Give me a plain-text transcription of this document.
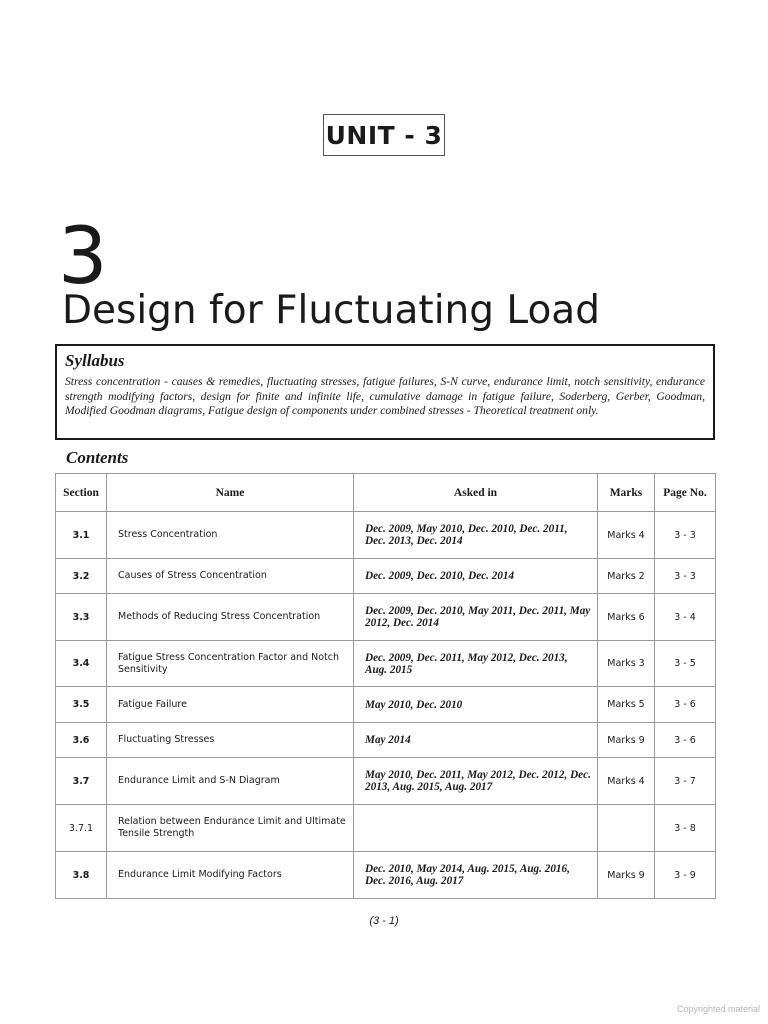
UNIT - 3
3
Design for Fluctuating Load
Syllabus
Stress concentration - causes & remedies, fluctuating stresses, fatigue failures, S-N curve, endurance limit, notch sensitivity, endurance strength modifying factors, design for finite and infinite life, cumulative damage in fatigue failure, Soderberg, Gerber, Goodman, Modified Goodman diagrams, Fatigue design of components under combined stresses - Theoretical treatment only.
Contents
Section	Name	Asked in	Marks	Page No.
3.1	Stress Concentration	Dec. 2009, May 2010, Dec. 2010, Dec. 2011, Dec. 2013, Dec. 2014	Marks 4	3 - 3
3.2	Causes of Stress Concentration	Dec. 2009, Dec. 2010, Dec. 2014	Marks 2	3 - 3
3.3	Methods of Reducing Stress Concentration	Dec. 2009, Dec. 2010, May 2011, Dec. 2011, May 2012, Dec. 2014	Marks 6	3 - 4
3.4	Fatigue Stress Concentration Factor and Notch Sensitivity	Dec. 2009, Dec. 2011, May 2012, Dec. 2013, Aug. 2015	Marks 3	3 - 5
3.5	Fatigue Failure	May 2010, Dec. 2010	Marks 5	3 - 6
3.6	Fluctuating Stresses	May 2014	Marks 9	3 - 6
3.7	Endurance Limit and S-N Diagram	May 2010, Dec. 2011, May 2012, Dec. 2012, Dec. 2013, Aug. 2015, Aug. 2017	Marks 4	3 - 7
3.7.1	Relation between Endurance Limit and Ultimate Tensile Strength			3 - 8
3.8	Endurance Limit Modifying Factors	Dec. 2010, May 2014, Aug. 2015, Aug. 2016, Dec. 2016, Aug. 2017	Marks 9	3 - 9
(3 - 1)
Copyrighted material
